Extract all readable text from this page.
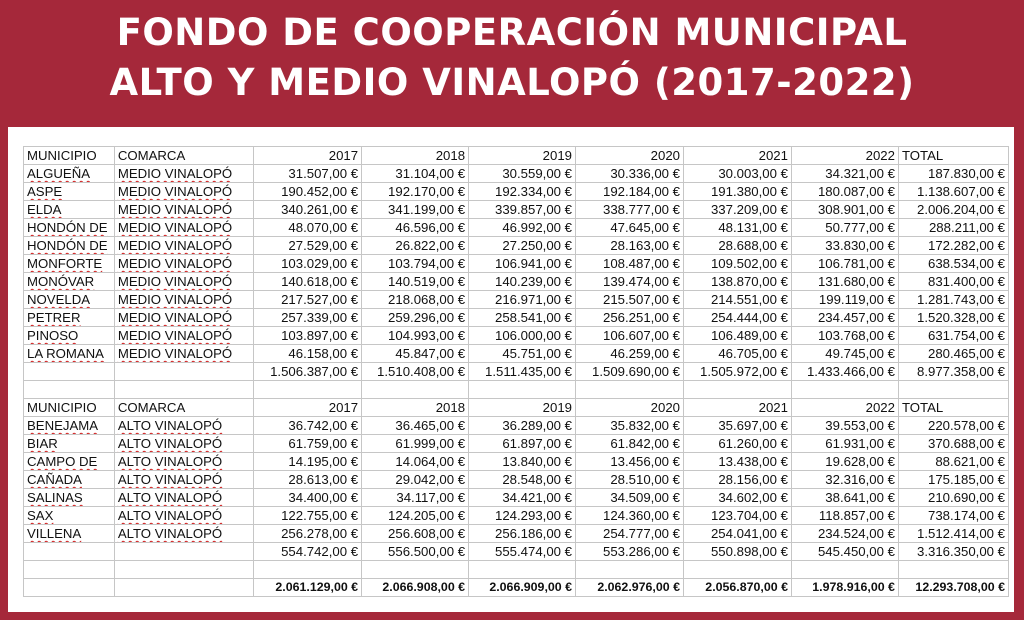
FONDO DE COOPERACIÓN MUNICIPAL
ALTO Y MEDIO VINALOPÓ (2017-2022)
MUNICIPIO	COMARCA	2017	2018	2019	2020	2021	2022	TOTAL
ALGUEÑA	MEDIO VINALOPÓ	31.507,00 €	31.104,00 €	30.559,00 €	30.336,00 €	30.003,00 €	34.321,00 €	187.830,00 €
ASPE	MEDIO VINALOPÓ	190.452,00 €	192.170,00 €	192.334,00 €	192.184,00 €	191.380,00 €	180.087,00 €	1.138.607,00 €
ELDA	MEDIO VINALOPÓ	340.261,00 €	341.199,00 €	339.857,00 €	338.777,00 €	337.209,00 €	308.901,00 €	2.006.204,00 €
HONDÓN DE	MEDIO VINALOPÓ	48.070,00 €	46.596,00 €	46.992,00 €	47.645,00 €	48.131,00 €	50.777,00 €	288.211,00 €
HONDÓN DE	MEDIO VINALOPÓ	27.529,00 €	26.822,00 €	27.250,00 €	28.163,00 €	28.688,00 €	33.830,00 €	172.282,00 €
MONFORTE	MEDIO VINALOPÓ	103.029,00 €	103.794,00 €	106.941,00 €	108.487,00 €	109.502,00 €	106.781,00 €	638.534,00 €
MONÓVAR	MEDIO VINALOPÓ	140.618,00 €	140.519,00 €	140.239,00 €	139.474,00 €	138.870,00 €	131.680,00 €	831.400,00 €
NOVELDA	MEDIO VINALOPÓ	217.527,00 €	218.068,00 €	216.971,00 €	215.507,00 €	214.551,00 €	199.119,00 €	1.281.743,00 €
PETRER	MEDIO VINALOPÓ	257.339,00 €	259.296,00 €	258.541,00 €	256.251,00 €	254.444,00 €	234.457,00 €	1.520.328,00 €
PINOSO	MEDIO VINALOPÓ	103.897,00 €	104.993,00 €	106.000,00 €	106.607,00 €	106.489,00 €	103.768,00 €	631.754,00 €
LA ROMANA	MEDIO VINALOPÓ	46.158,00 €	45.847,00 €	45.751,00 €	46.259,00 €	46.705,00 €	49.745,00 €	280.465,00 €
		1.506.387,00 €	1.510.408,00 €	1.511.435,00 €	1.509.690,00 €	1.505.972,00 €	1.433.466,00 €	8.977.358,00 €

MUNICIPIO	COMARCA	2017	2018	2019	2020	2021	2022	TOTAL
BENEJAMA	ALTO VINALOPÓ	36.742,00 €	36.465,00 €	36.289,00 €	35.832,00 €	35.697,00 €	39.553,00 €	220.578,00 €
BIAR	ALTO VINALOPÓ	61.759,00 €	61.999,00 €	61.897,00 €	61.842,00 €	61.260,00 €	61.931,00 €	370.688,00 €
CAMPO DE	ALTO VINALOPÓ	14.195,00 €	14.064,00 €	13.840,00 €	13.456,00 €	13.438,00 €	19.628,00 €	88.621,00 €
CAÑADA	ALTO VINALOPÓ	28.613,00 €	29.042,00 €	28.548,00 €	28.510,00 €	28.156,00 €	32.316,00 €	175.185,00 €
SALINAS	ALTO VINALOPÓ	34.400,00 €	34.117,00 €	34.421,00 €	34.509,00 €	34.602,00 €	38.641,00 €	210.690,00 €
SAX	ALTO VINALOPÓ	122.755,00 €	124.205,00 €	124.293,00 €	124.360,00 €	123.704,00 €	118.857,00 €	738.174,00 €
VILLENA	ALTO VINALOPÓ	256.278,00 €	256.608,00 €	256.186,00 €	254.777,00 €	254.041,00 €	234.524,00 €	1.512.414,00 €
		554.742,00 €	556.500,00 €	555.474,00 €	553.286,00 €	550.898,00 €	545.450,00 €	3.316.350,00 €

		2.061.129,00 €	2.066.908,00 €	2.066.909,00 €	2.062.976,00 €	2.056.870,00 €	1.978.916,00 €	12.293.708,00 €
